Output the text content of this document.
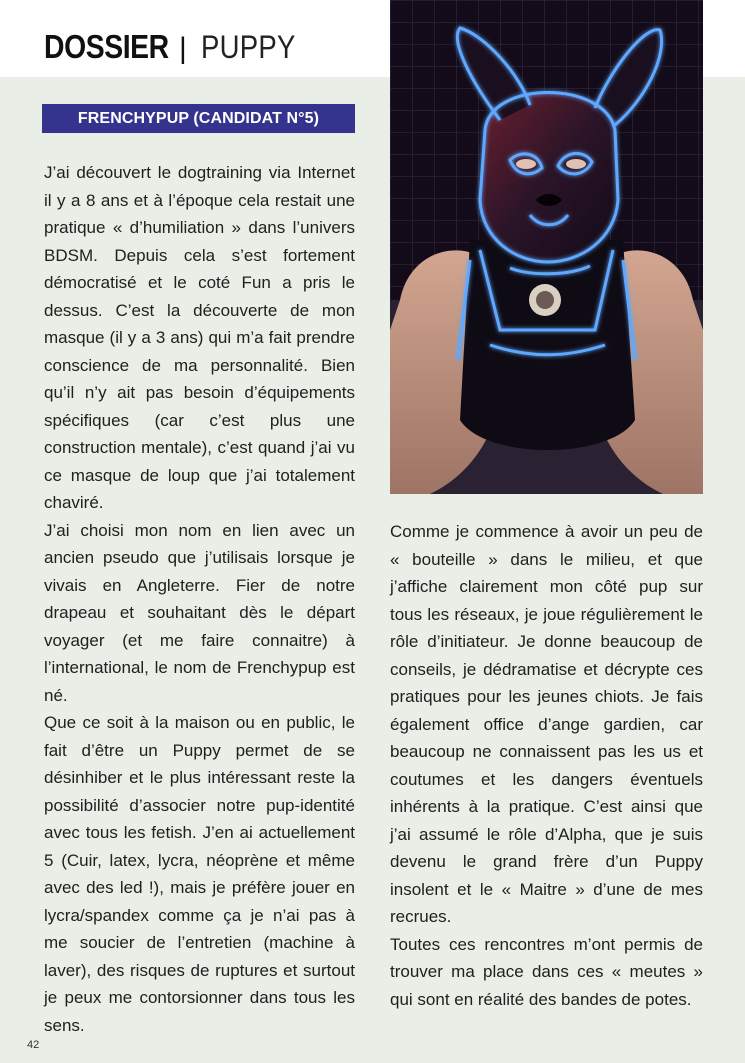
DOSSIER | PUPPY
FRENCHYPUP (CANDIDAT N°5)

J’ai découvert le dogtraining via Internet il y a 8 ans et à l’époque cela restait une pratique « d’humiliation » dans l’univers BDSM. Depuis cela s’est fortement démocratisé et le coté Fun a pris le dessus. C’est la découverte de mon masque (il y a 3 ans) qui m’a fait prendre conscience de ma personnalité. Bien qu’il n’y ait pas besoin d’équipements spécifiques (car c’est plus une construction mentale), c’est quand j’ai vu ce masque de loup que j’ai totalement chaviré.

J’ai choisi mon nom en lien avec un ancien pseudo que j’utilisais lorsque je vivais en Angleterre. Fier de notre drapeau et souhaitant dès le départ voyager (et me faire connaitre) à l’international, le nom de Frenchypup est né.

Que ce soit à la maison ou en public, le fait d’être un Puppy permet de se désinhiber et le plus intéressant reste la possibilité d’associer notre pup-identité avec tous les fetish. J’en ai actuellement 5 (Cuir, latex, lycra, néoprène et même avec des led !), mais je préfère jouer en lycra/spandex comme ça je n’ai pas à me soucier de l’entretien (machine à laver), des risques de ruptures et surtout je peux me contorsionner dans tous les sens.

Comme je commence à avoir un peu de « bouteille » dans le milieu, et que j’affiche clairement mon côté pup sur tous les réseaux, je joue régulièrement le rôle d’initiateur. Je donne beaucoup de conseils, je dédramatise et décrypte ces pratiques pour les jeunes chiots. Je fais également office d’ange gardien, car beaucoup ne connaissent pas les us et coutumes et les dangers éventuels inhérents à la pratique. C’est ainsi que j’ai assumé le rôle d’Alpha, que je suis devenu le grand frère d’un Puppy insolent et le « Maitre » d’une de mes recrues.

Toutes ces rencontres m’ont permis de trouver ma place dans ces « meutes » qui sont en réalité des bandes de potes.

42
